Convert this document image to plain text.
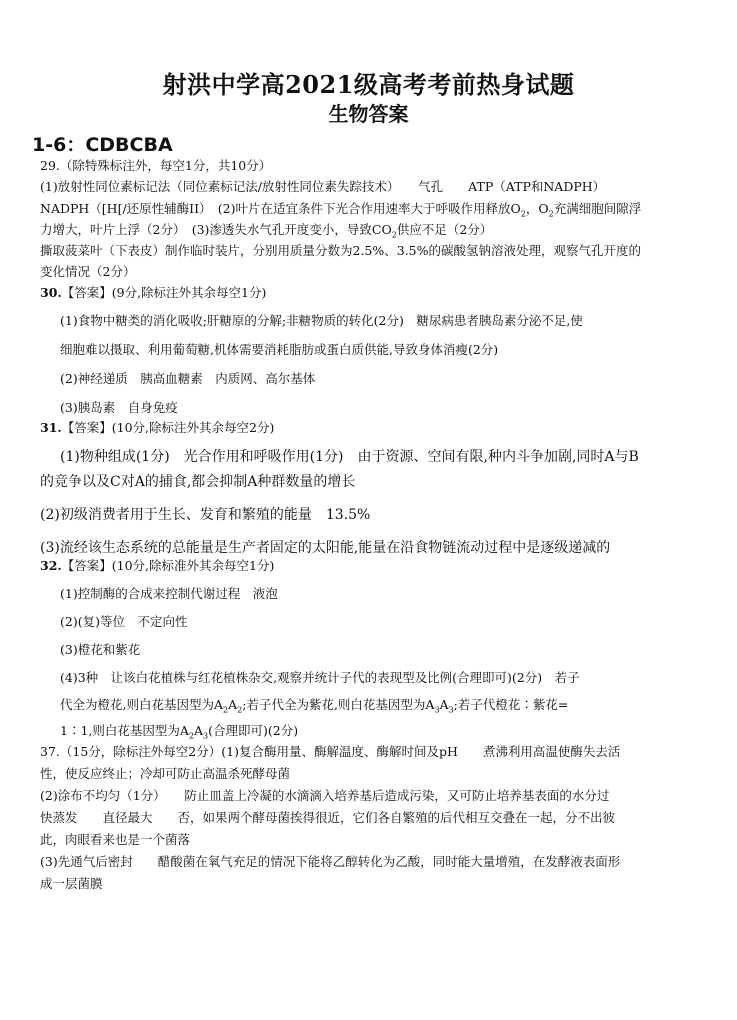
射洪中学高2021级高考考前热身试题
生物答案
1-6：CDBCBA
29.（除特殊标注外，每空1分，共10分）
(1)放射性同位素标记法（同位素标记法/放射性同位素失踪技术）　　气孔　　ATP（ATP和NADPH）
NADPH（[H[/还原性辅酶II）　(2)叶片在适宜条件下光合作用速率大于呼吸作用释放$O_2$，$O_2$充满细胞间隙浮
力增大，叶片上浮（2分）　(3)渗透失水气孔开度变小，导致$CO_2$供应不足（2分）
撕取菠菜叶（下表皮）制作临时装片，分别用质量分数为2.5%、3.5%的碳酸氢钠溶液处理，观察气孔开度的
变化情况（2分）
30.【答案】(9分,除标注外其余每空1分)
(1)食物中糖类的消化吸收;肝糖原的分解;非糖物质的转化(2分)　糖尿病患者胰岛素分泌不足,使
细胞难以摄取、利用葡萄糖,机体需要消耗脂肪或蛋白质供能,导致身体消瘦(2分)
(2)神经递质　胰高血糖素　内质网、高尔基体
(3)胰岛素　自身免疫
31.【答案】(10分,除标注外其余每空2分)
(1)物种组成(1分)　光合作用和呼吸作用(1分)　由于资源、空间有限,种内斗争加剧,同时A与B
的竞争以及C对A的捕食,都会抑制A种群数量的增长
(2)初级消费者用于生长、发育和繁殖的能量　13.5%
(3)流经该生态系统的总能量是生产者固定的太阳能,能量在沿食物链流动过程中是逐级递减的
32.【答案】(10分,除标准外其余每空1分)
(1)控制酶的合成来控制代谢过程　液泡
(2)(复)等位　不定向性
(3)橙花和紫花
(4)3种　让该白花植株与红花植株杂交,观察并统计子代的表现型及比例(合理即可)(2分)　若子
代全为橙花,则白花基因型为$A_2A_2$;若子代全为紫花,则白花基因型为$A_3A_3$;若子代橙花∶紫花=
1∶1,则白花基因型为$A_2A_3$(合理即可)(2分)
37.（15分，除标注外每空2分）(1)复合酶用量、酶解温度、酶解时间及pH　　煮沸利用高温使酶失去活
性，使反应终止；冷却可防止高温杀死酵母菌
(2)涂布不均匀（1分）　　防止皿盖上冷凝的水滴滴入培养基后造成污染，又可防止培养基表面的水分过
快蒸发　　直径最大　　否，如果两个酵母菌挨得很近，它们各自繁殖的后代相互交叠在一起，分不出彼
此，肉眼看来也是一个菌落
(3)先通气后密封　　醋酸菌在氧气充足的情况下能将乙醇转化为乙酸，同时能大量增殖，在发酵液表面形
成一层菌膜
